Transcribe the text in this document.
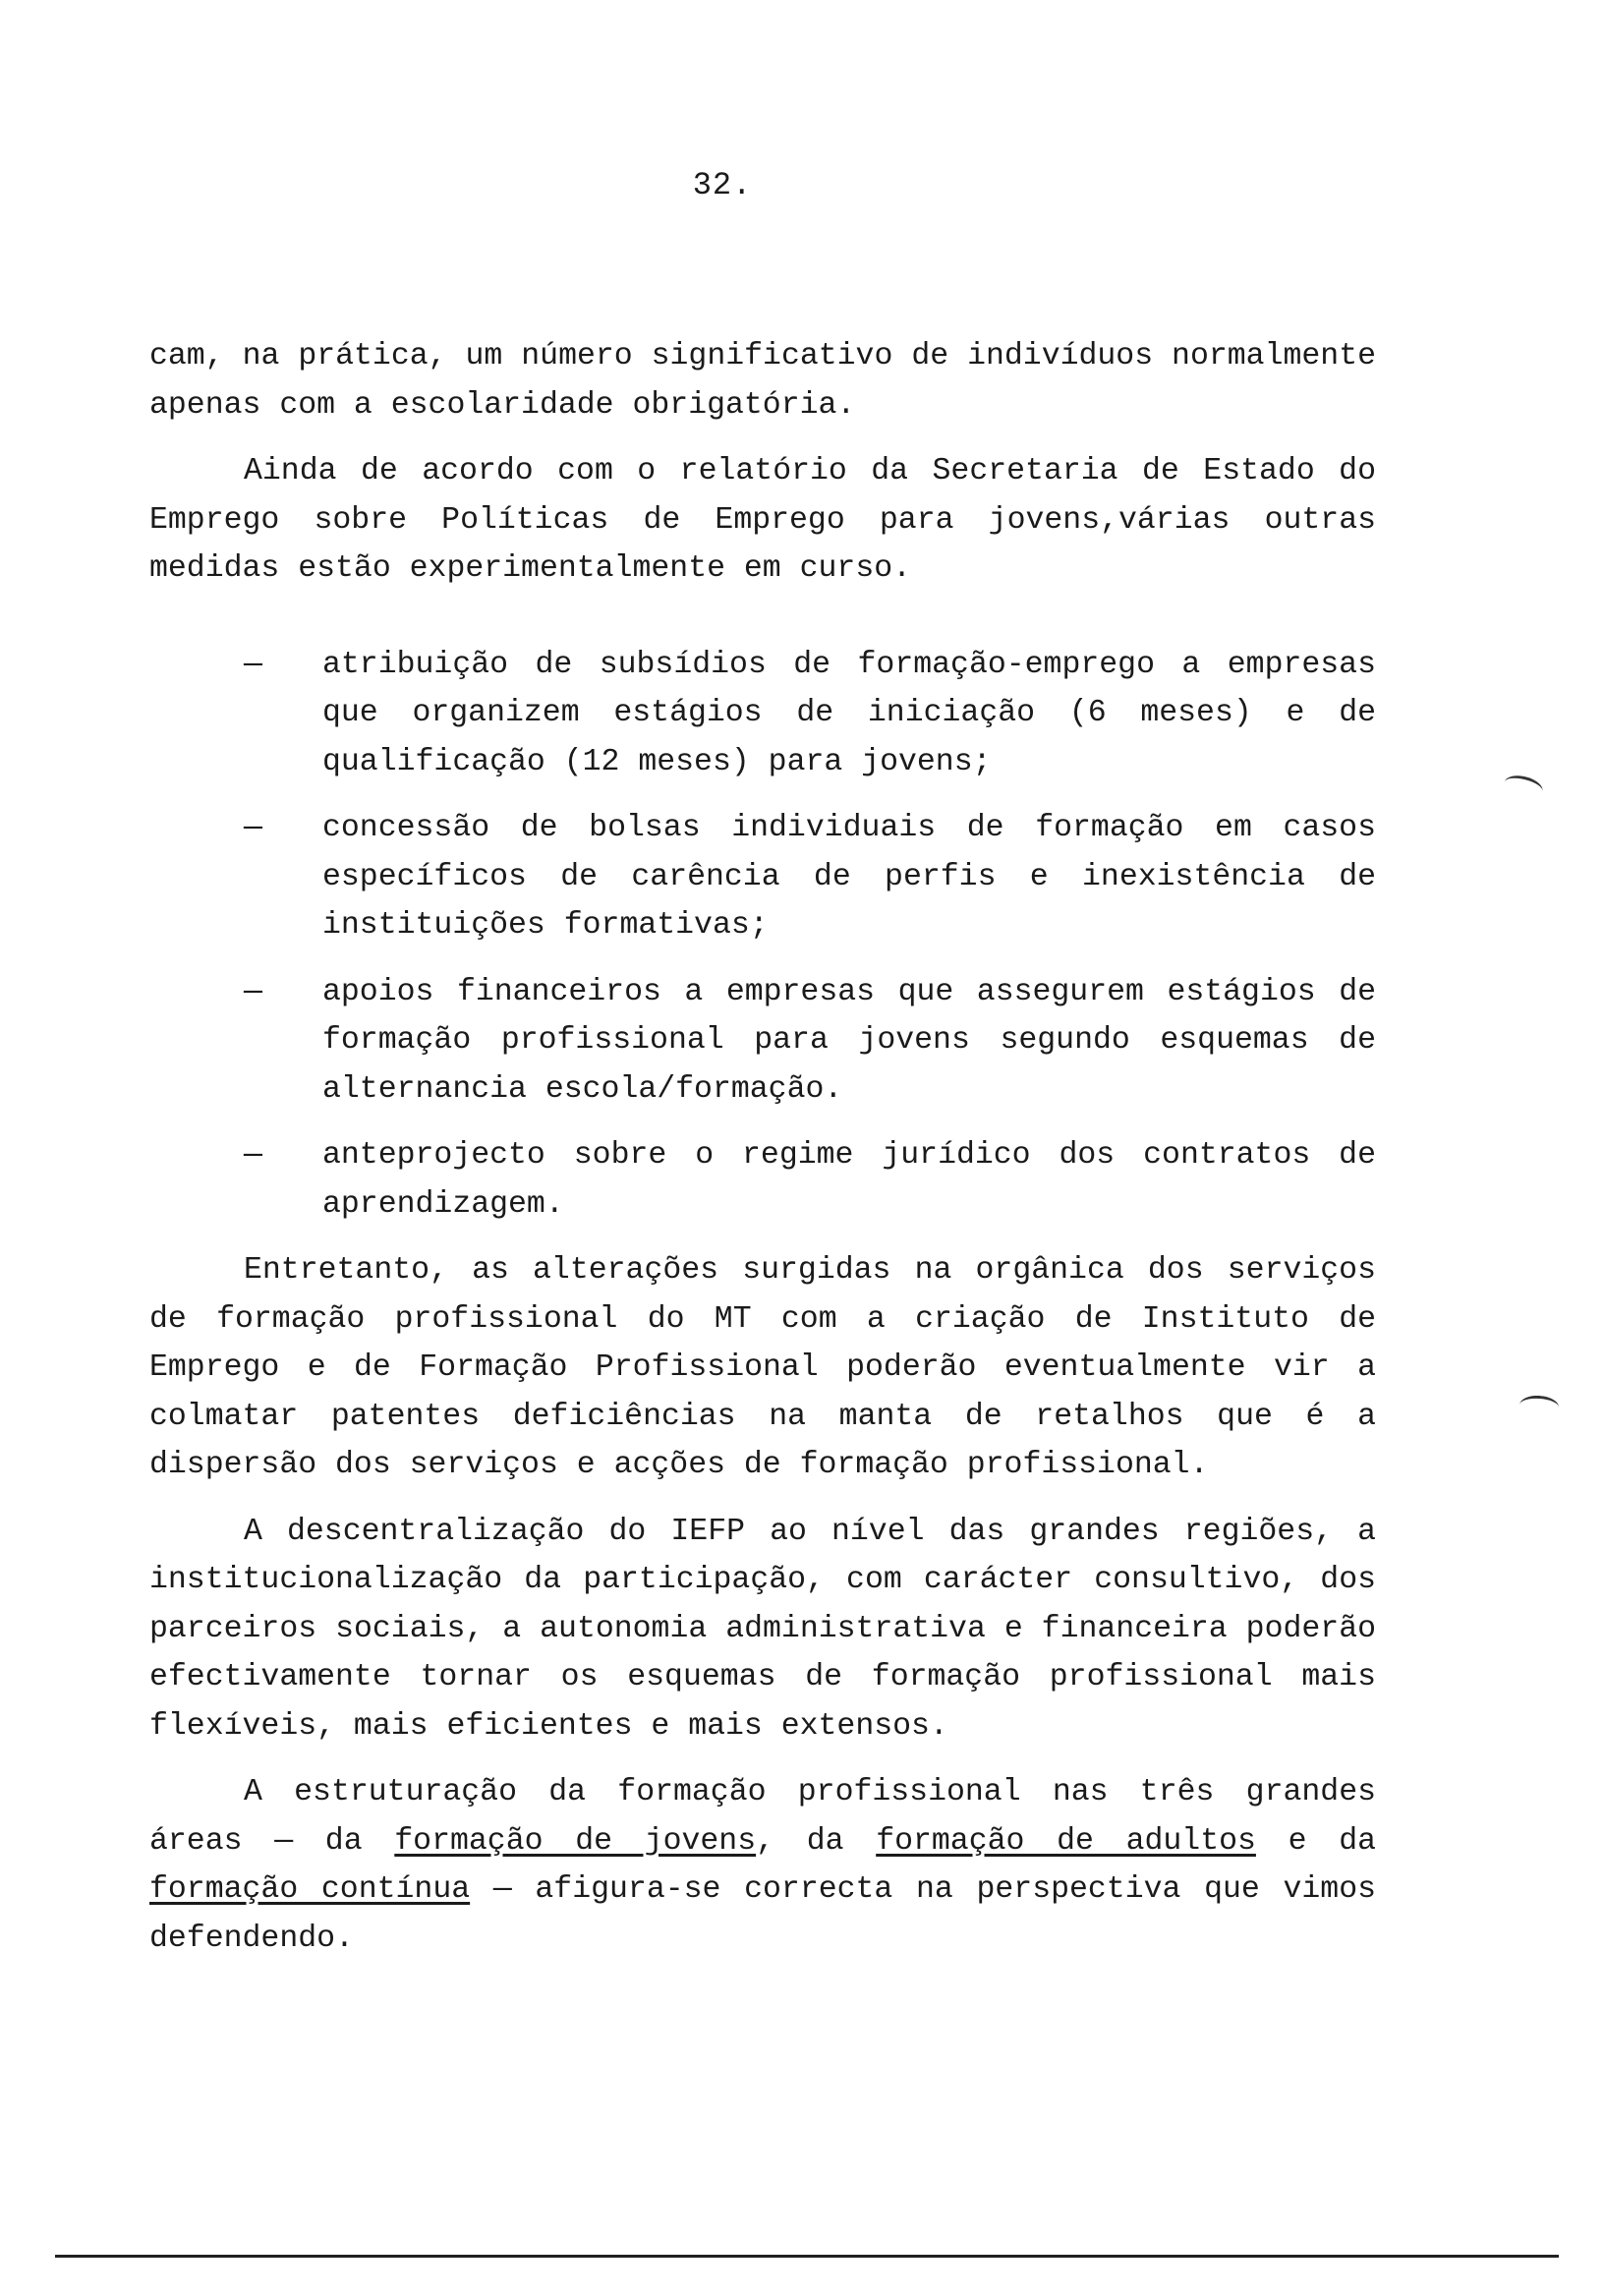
32.

cam, na prática, um número significativo de indivíduos normalmente apenas com a escolaridade obrigatória.

Ainda de acordo com o relatório da Secretaria de Estado do Emprego sobre Políticas de Emprego para jovens,várias outras medidas estão experimentalmente em curso.

— atribuição de subsídios de formação-emprego a empresas que organizem estágios de iniciação (6 meses) e de qualificação (12 meses) para jovens;
— concessão de bolsas individuais de formação em casos específicos de carência de perfis e inexistência de instituições formativas;
— apoios financeiros a empresas que assegurem estágios de formação profissional para jovens segundo esquemas de alternancia escola/formação.
— anteprojecto sobre o regime jurídico dos contratos de aprendizagem.

Entretanto, as alterações surgidas na orgânica dos serviços de formação profissional do MT com a criação de Instituto de Emprego e de Formação Profissional poderão eventualmente vir a colmatar patentes deficiências na manta de retalhos que é a dispersão dos serviços e acções de formação profissional.

A descentralização do IEFP ao nível das grandes regiões, a institucionalização da participação, com carácter consultivo, dos parceiros sociais, a autonomia administrativa e financeira poderão efectivamente tornar os esquemas de formação profissional mais flexíveis, mais eficientes e mais extensos.

A estruturação da formação profissional nas três grandes áreas — da formação de jovens, da formação de adultos e da formação contínua — afigura-se correcta na perspectiva que vimos defendendo.
